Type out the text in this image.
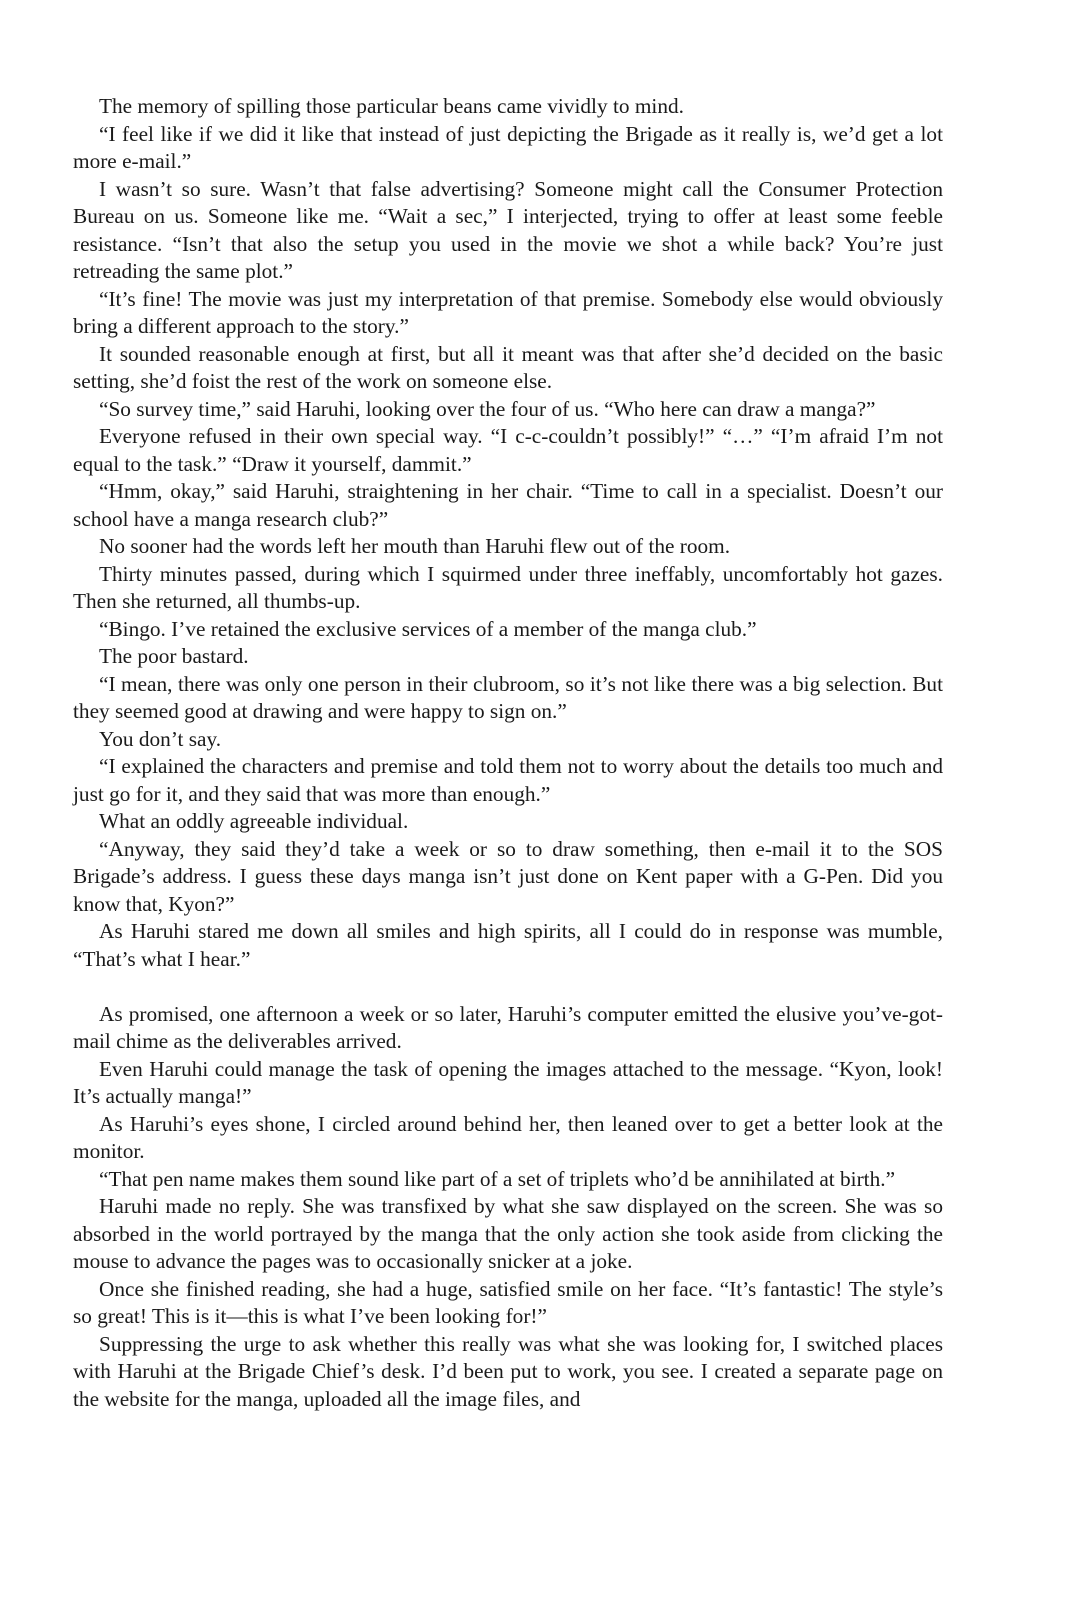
The memory of spilling those particular beans came vividly to mind.

“I feel like if we did it like that instead of just depicting the Brigade as it really is, we’d get a lot more e-mail.”

I wasn’t so sure. Wasn’t that false advertising? Someone might call the Consumer Protection Bureau on us. Someone like me. “Wait a sec,” I interjected, trying to offer at least some feeble resistance. “Isn’t that also the setup you used in the movie we shot a while back? You’re just retreading the same plot.”

“It’s fine! The movie was just my interpretation of that premise. Somebody else would obviously bring a different approach to the story.”

It sounded reasonable enough at first, but all it meant was that after she’d decided on the basic setting, she’d foist the rest of the work on someone else.

“So survey time,” said Haruhi, looking over the four of us. “Who here can draw a manga?”

Everyone refused in their own special way. “I c-c-couldn’t possibly!” “…” “I’m afraid I’m not equal to the task.” “Draw it yourself, dammit.”

“Hmm, okay,” said Haruhi, straightening in her chair. “Time to call in a specialist. Doesn’t our school have a manga research club?”

No sooner had the words left her mouth than Haruhi flew out of the room.

Thirty minutes passed, during which I squirmed under three ineffably, uncomfortably hot gazes. Then she returned, all thumbs-up.

“Bingo. I’ve retained the exclusive services of a member of the manga club.”

The poor bastard.

“I mean, there was only one person in their clubroom, so it’s not like there was a big selection. But they seemed good at drawing and were happy to sign on.”

You don’t say.

“I explained the characters and premise and told them not to worry about the details too much and just go for it, and they said that was more than enough.”

What an oddly agreeable individual.

“Anyway, they said they’d take a week or so to draw something, then e-mail it to the SOS Brigade’s address. I guess these days manga isn’t just done on Kent paper with a G-Pen. Did you know that, Kyon?”

As Haruhi stared me down all smiles and high spirits, all I could do in response was mumble, “That’s what I hear.”

As promised, one afternoon a week or so later, Haruhi’s computer emitted the elusive you’ve-got-mail chime as the deliverables arrived.

Even Haruhi could manage the task of opening the images attached to the message. “Kyon, look! It’s actually manga!”

As Haruhi’s eyes shone, I circled around behind her, then leaned over to get a better look at the monitor.

“That pen name makes them sound like part of a set of triplets who’d be annihilated at birth.”

Haruhi made no reply. She was transfixed by what she saw displayed on the screen. She was so absorbed in the world portrayed by the manga that the only action she took aside from clicking the mouse to advance the pages was to occasionally snicker at a joke.

Once she finished reading, she had a huge, satisfied smile on her face. “It’s fantastic! The style’s so great! This is it—this is what I’ve been looking for!”

Suppressing the urge to ask whether this really was what she was looking for, I switched places with Haruhi at the Brigade Chief’s desk. I’d been put to work, you see. I created a separate page on the website for the manga, uploaded all the image files, and
